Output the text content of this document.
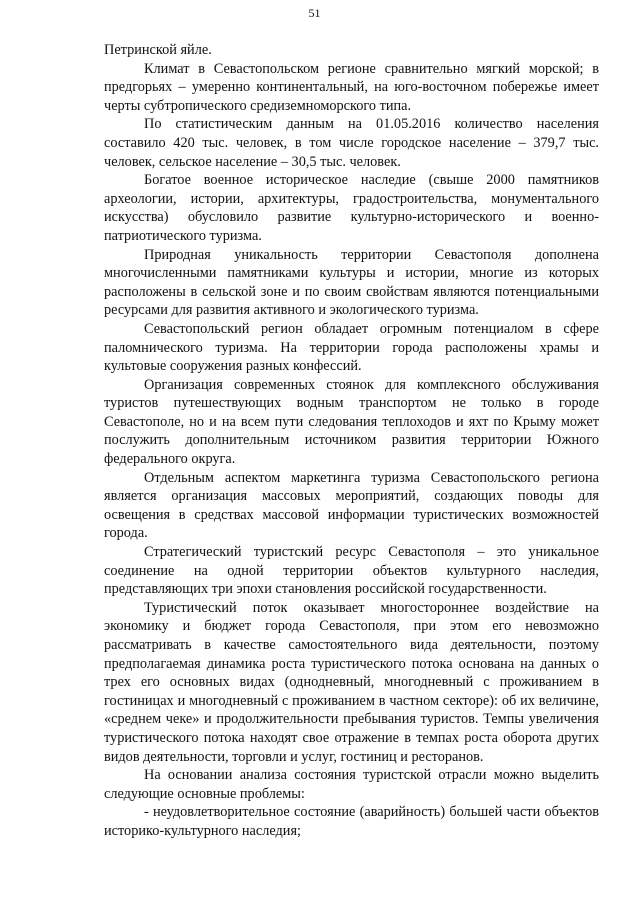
51

Петринской яйле.

Климат в Севастопольском регионе сравнительно мягкий морской; в предгорьях – умеренно континентальный, на юго-восточном побережье имеет черты субтропического средиземноморского типа.

По статистическим данным на 01.05.2016 количество населения составило 420 тыс. человек, в том числе городское население – 379,7 тыс. человек, сельское население – 30,5 тыс. человек.

Богатое военное историческое наследие (свыше 2000 памятников археологии, истории, архитектуры, градостроительства, монументального искусства) обусловило развитие культурно-исторического и военно-патриотического туризма.

Природная уникальность территории Севастополя дополнена многочисленными памятниками культуры и истории, многие из которых расположены в сельской зоне и по своим свойствам являются потенциальными ресурсами для развития активного и экологического туризма.

Севастопольский регион обладает огромным потенциалом в сфере паломнического туризма. На территории города расположены храмы и культовые сооружения разных конфессий.

Организация современных стоянок для комплексного обслуживания туристов путешествующих водным транспортом не только в городе Севастополе, но и на всем пути следования теплоходов и яхт по Крыму может послужить дополнительным источником развития территории Южного федерального округа.

Отдельным аспектом маркетинга туризма Севастопольского региона является организация массовых мероприятий, создающих поводы для освещения в средствах массовой информации туристических возможностей города.

Стратегический туристский ресурс Севастополя – это уникальное соединение на одной территории объектов культурного наследия, представляющих три эпохи становления российской государственности.

Туристический поток оказывает многостороннее воздействие на экономику и бюджет города Севастополя, при этом его невозможно рассматривать в качестве самостоятельного вида деятельности, поэтому предполагаемая динамика роста туристического потока основана на данных о трех его основных видах (однодневный, многодневный с проживанием в гостиницах и многодневный с проживанием в частном секторе): об их величине, «среднем чеке» и продолжительности пребывания туристов. Темпы увеличения туристического потока находят свое отражение в темпах роста оборота других видов деятельности, торговли и услуг, гостиниц и ресторанов.

На основании анализа состояния туристской отрасли можно выделить следующие основные проблемы:

- неудовлетворительное состояние (аварийность) большей части объектов историко-культурного наследия;
